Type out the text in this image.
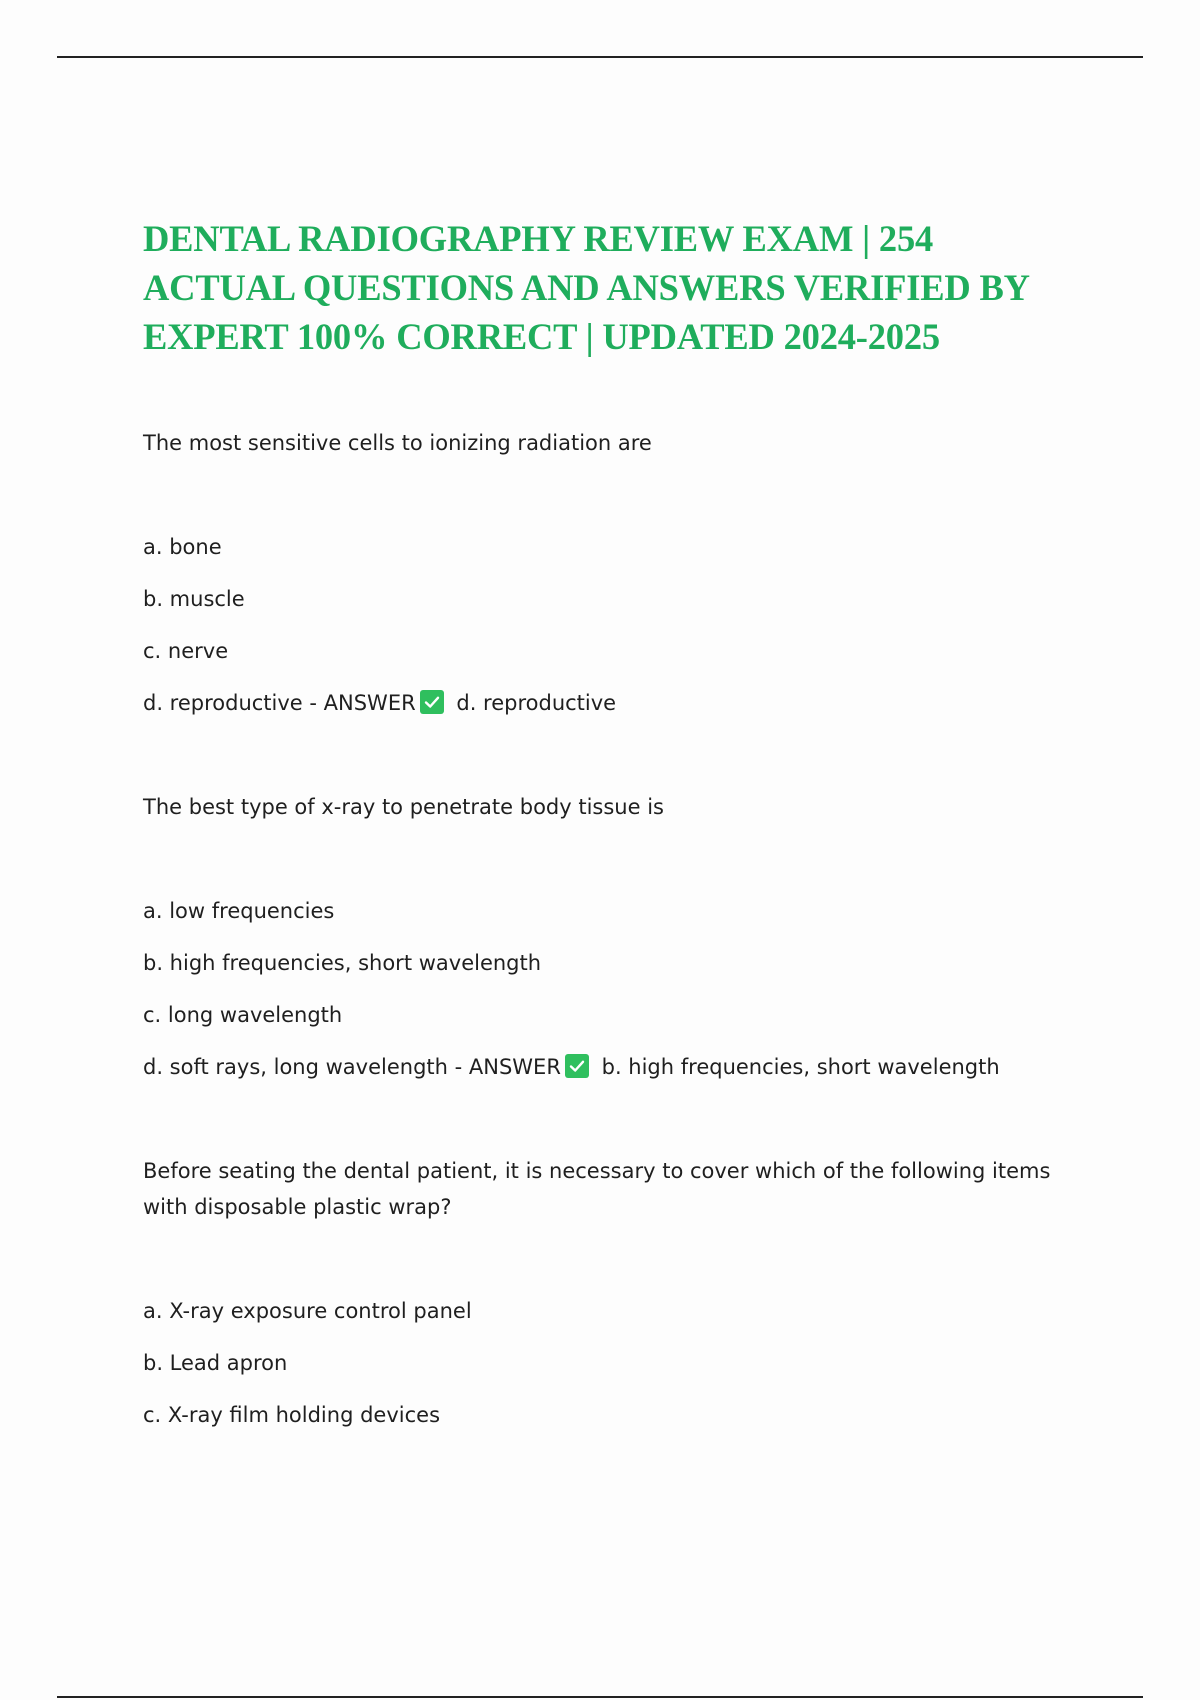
DENTAL RADIOGRAPHY REVIEW EXAM | 254 ACTUAL QUESTIONS AND ANSWERS VERIFIED BY EXPERT 100% CORRECT | UPDATED 2024-2025

The most sensitive cells to ionizing radiation are

a. bone

b. muscle

c. nerve

d. reproductive - ANSWER d. reproductive

The best type of x-ray to penetrate body tissue is

a. low frequencies

b. high frequencies, short wavelength

c. long wavelength

d. soft rays, long wavelength - ANSWER b. high frequencies, short wavelength

Before seating the dental patient, it is necessary to cover which of the following items with disposable plastic wrap?

a. X-ray exposure control panel

b. Lead apron

c. X-ray film holding devices
